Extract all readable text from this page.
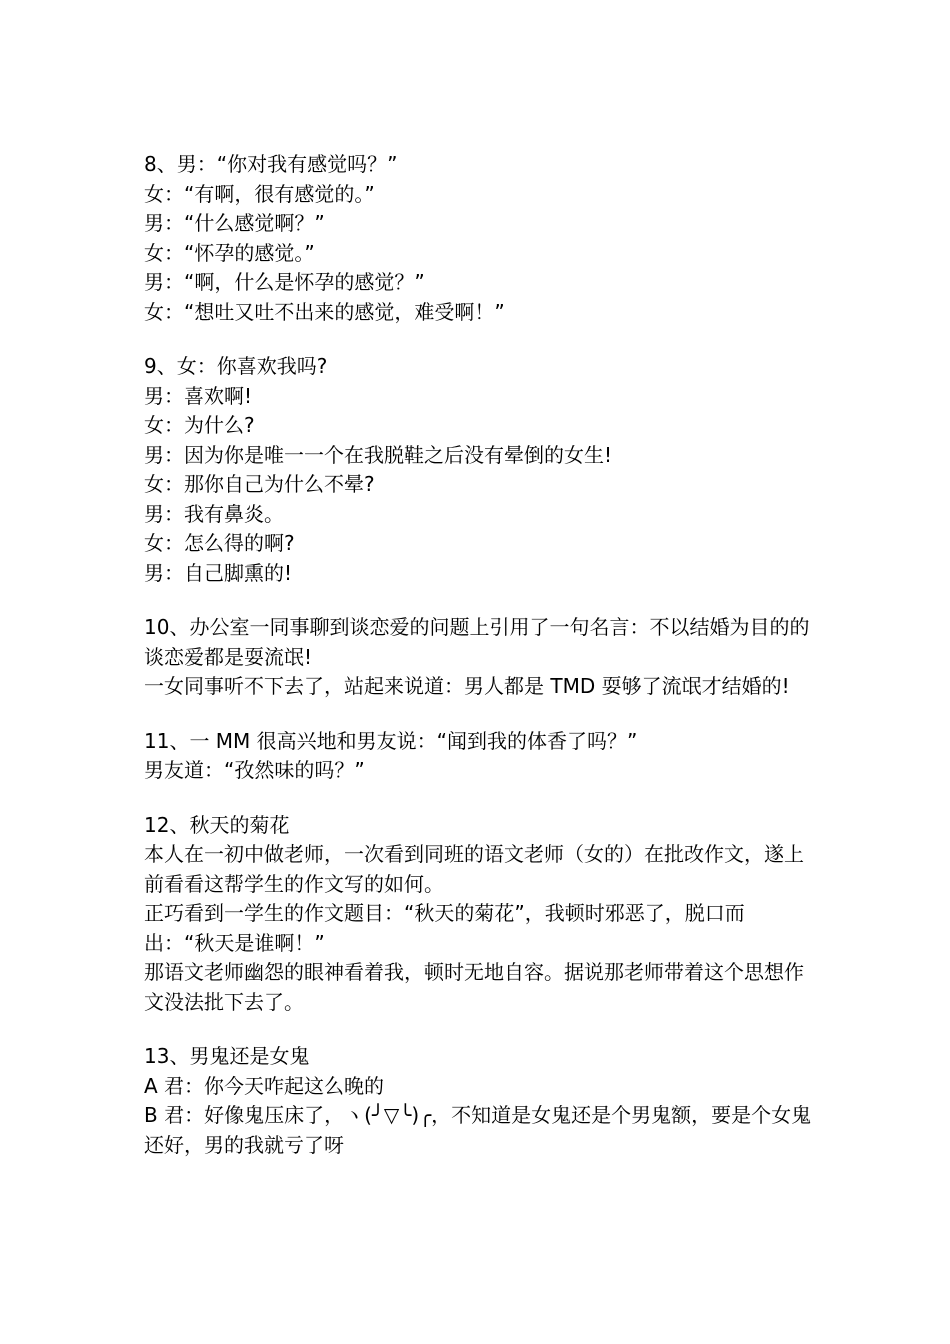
8、男：“你对我有感觉吗？”
女：“有啊，很有感觉的。”
男：“什么感觉啊？”
女：“怀孕的感觉。”
男：“啊，什么是怀孕的感觉？”
女：“想吐又吐不出来的感觉，难受啊！”
9、女：你喜欢我吗?
男：喜欢啊!
女：为什么?
男：因为你是唯一一个在我脱鞋之后没有晕倒的女生!
女：那你自己为什么不晕?
男：我有鼻炎。
女：怎么得的啊?
男：自己脚熏的!
10、办公室一同事聊到谈恋爱的问题上引用了一句名言：不以结婚为目的的谈恋爱都是耍流氓!
一女同事听不下去了，站起来说道：男人都是 TMD 耍够了流氓才结婚的!
11、一 MM 很高兴地和男友说：“闻到我的体香了吗？”
男友道：“孜然味的吗？”
12、秋天的菊花
本人在一初中做老师，一次看到同班的语文老师（女的）在批改作文，遂上前看看这帮学生的作文写的如何。
正巧看到一学生的作文题目：“秋天的菊花”，我顿时邪恶了，脱口而出：“秋天是谁啊！”
那语文老师幽怨的眼神看着我，顿时无地自容。据说那老师带着这个思想作文没法批下去了。
13、男鬼还是女鬼
A 君：你今天咋起这么晚的
B 君：好像鬼压床了，ヽ(╯▽╰)╭，不知道是女鬼还是个男鬼额，要是个女鬼还好，男的我就亏了呀
